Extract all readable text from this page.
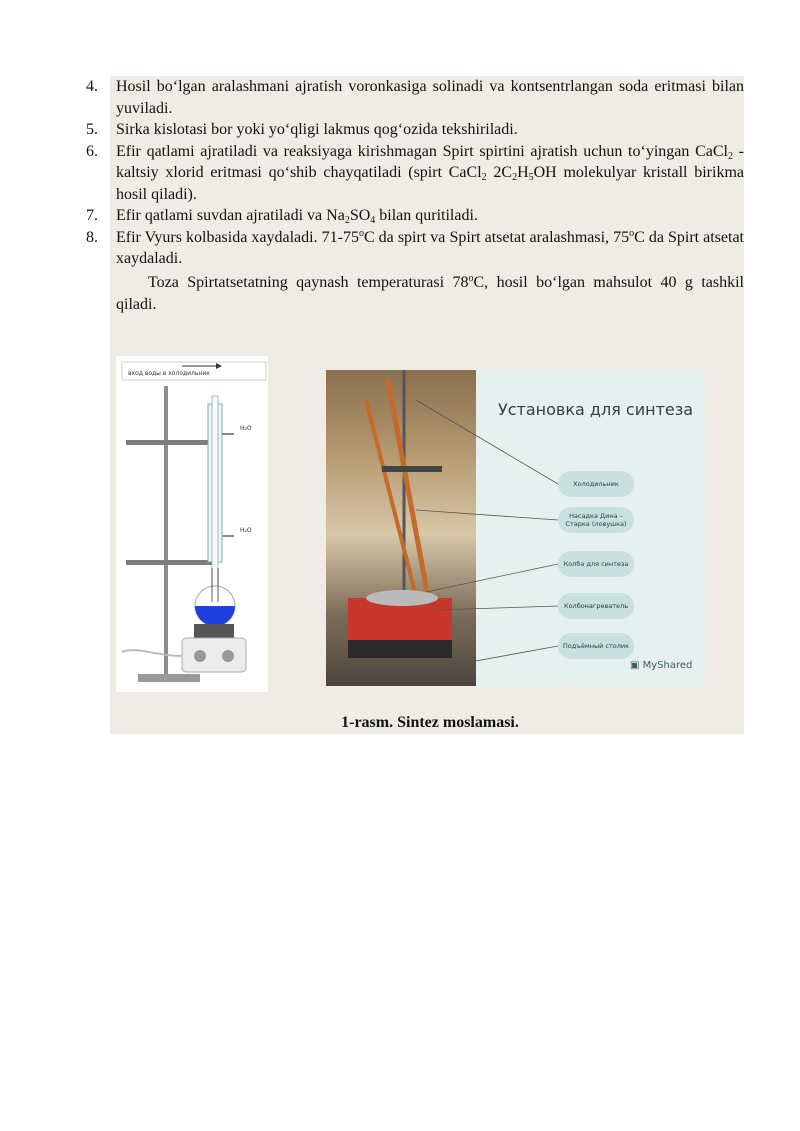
4.	Hosil bo‘lgan aralashmani ajratish voronkasiga solinadi va kontsentrlangan soda eritmasi bilan yuviladi.
5.	Sirka kislotasi bor yoki yo‘qligi lakmus qog‘ozida tekshiriladi.
6.	Efir qatlami ajratiladi va reaksiyaga kirishmagan Spirt spirtini ajratish uchun to‘yingan CaCl$_2$ - kaltsiy xlorid eritmasi qo‘shib chayqatiladi (spirt CaCl$_2$ $2C_2H_5OH$ molekulyar kristall birikma hosil qiladi).
7.	Efir qatlami suvdan ajratiladi va $Na_2SO_4$ bilan quritiladi.
8.	Efir Vyurs kolbasida xaydaladi. 71-75$^o$C da spirt va Spirt atsetat aralashmasi, 75$^o$C da Spirt atsetat xaydaladi.
Toza Spirtatsetatning qaynash temperaturasi 78$^o$C, hosil bo‘lgan mahsulot 40 g tashkil qiladi.
вход воды в холодильник
H₂O
H₂O
Установка для синтеза
Холодильник
Насадка Дина – Старка (ловушка)
Колба для синтеза
Колбонагреватель
Подъёмный столик
▣ MyShared
1-rasm. Sintez moslamasi.
